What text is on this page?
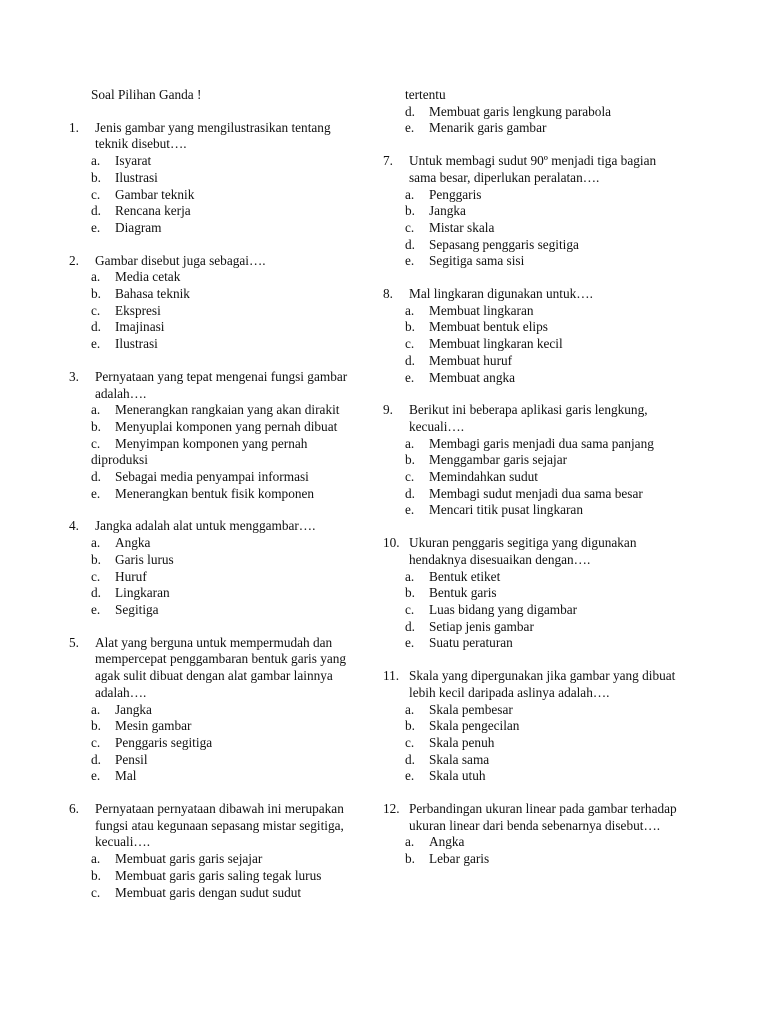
Soal Pilihan Ganda !
1.	Jenis gambar yang mengilustrasikan tentang teknik disebut….
a.	Isyarat
b.	Ilustrasi
c.	Gambar teknik
d.	Rencana kerja
e.	Diagram
2.	Gambar disebut juga sebagai….
a.	Media cetak
b.	Bahasa teknik
c.	Ekspresi
d.	Imajinasi
e.	Ilustrasi
3.	Pernyataan yang tepat mengenai fungsi gambar adalah….
a. Menerangkan rangkaian yang akan dirakit
b. Menyuplai komponen yang pernah dibuat
c. Menyimpan komponen yang pernah diproduksi
d.	Sebagai media penyampai informasi
e.	Menerangkan bentuk fisik komponen
4.	Jangka adalah alat untuk menggambar….
a.	Angka
b.	Garis lurus
c.	Huruf
d.	Lingkaran
e.	Segitiga
5.	Alat yang berguna untuk mempermudah dan mempercepat penggambaran bentuk garis yang agak sulit dibuat dengan alat gambar lainnya adalah….
a.	Jangka
b.	Mesin gambar
c.	Penggaris segitiga
d.	Pensil
e.	Mal
6.	Pernyataan pernyataan dibawah ini merupakan fungsi atau kegunaan sepasang mistar segitiga, kecuali….
a.	Membuat garis garis sejajar
b. Membuat garis garis saling tegak lurus
c.	Membuat garis dengan sudut sudut
tertentu
d.	Membuat garis lengkung parabola
e.	Menarik garis gambar
7.	Untuk membagi sudut 90º menjadi tiga bagian sama besar, diperlukan peralatan….
a.	Penggaris
b.	Jangka
c.	Mistar skala
d.	Sepasang penggaris segitiga
e.	Segitiga sama sisi
8.	Mal lingkaran digunakan untuk….
a.	Membuat lingkaran
b.	Membuat bentuk elips
c.	Membuat lingkaran kecil
d.	Membuat huruf
e.	Membuat angka
9.	Berikut ini beberapa aplikasi garis lengkung, kecuali….
a. Membagi garis menjadi dua sama panjang
b.	Menggambar garis sejajar
c.	Memindahkan sudut
d. Membagi sudut menjadi dua sama besar
e.	Mencari titik pusat lingkaran
10. Ukuran penggaris segitiga yang digunakan hendaknya disesuaikan dengan….
a.	Bentuk etiket
b.	Bentuk garis
c.	Luas bidang yang digambar
d.	Setiap jenis gambar
e.	Suatu peraturan
11. Skala yang dipergunakan jika gambar yang dibuat lebih kecil daripada aslinya adalah….
a.	Skala pembesar
b.	Skala pengecilan
c.	Skala penuh
d.	Skala sama
e.	Skala utuh
12. Perbandingan ukuran linear pada gambar terhadap ukuran linear dari benda sebenarnya disebut….
a.	Angka
b.	Lebar garis
